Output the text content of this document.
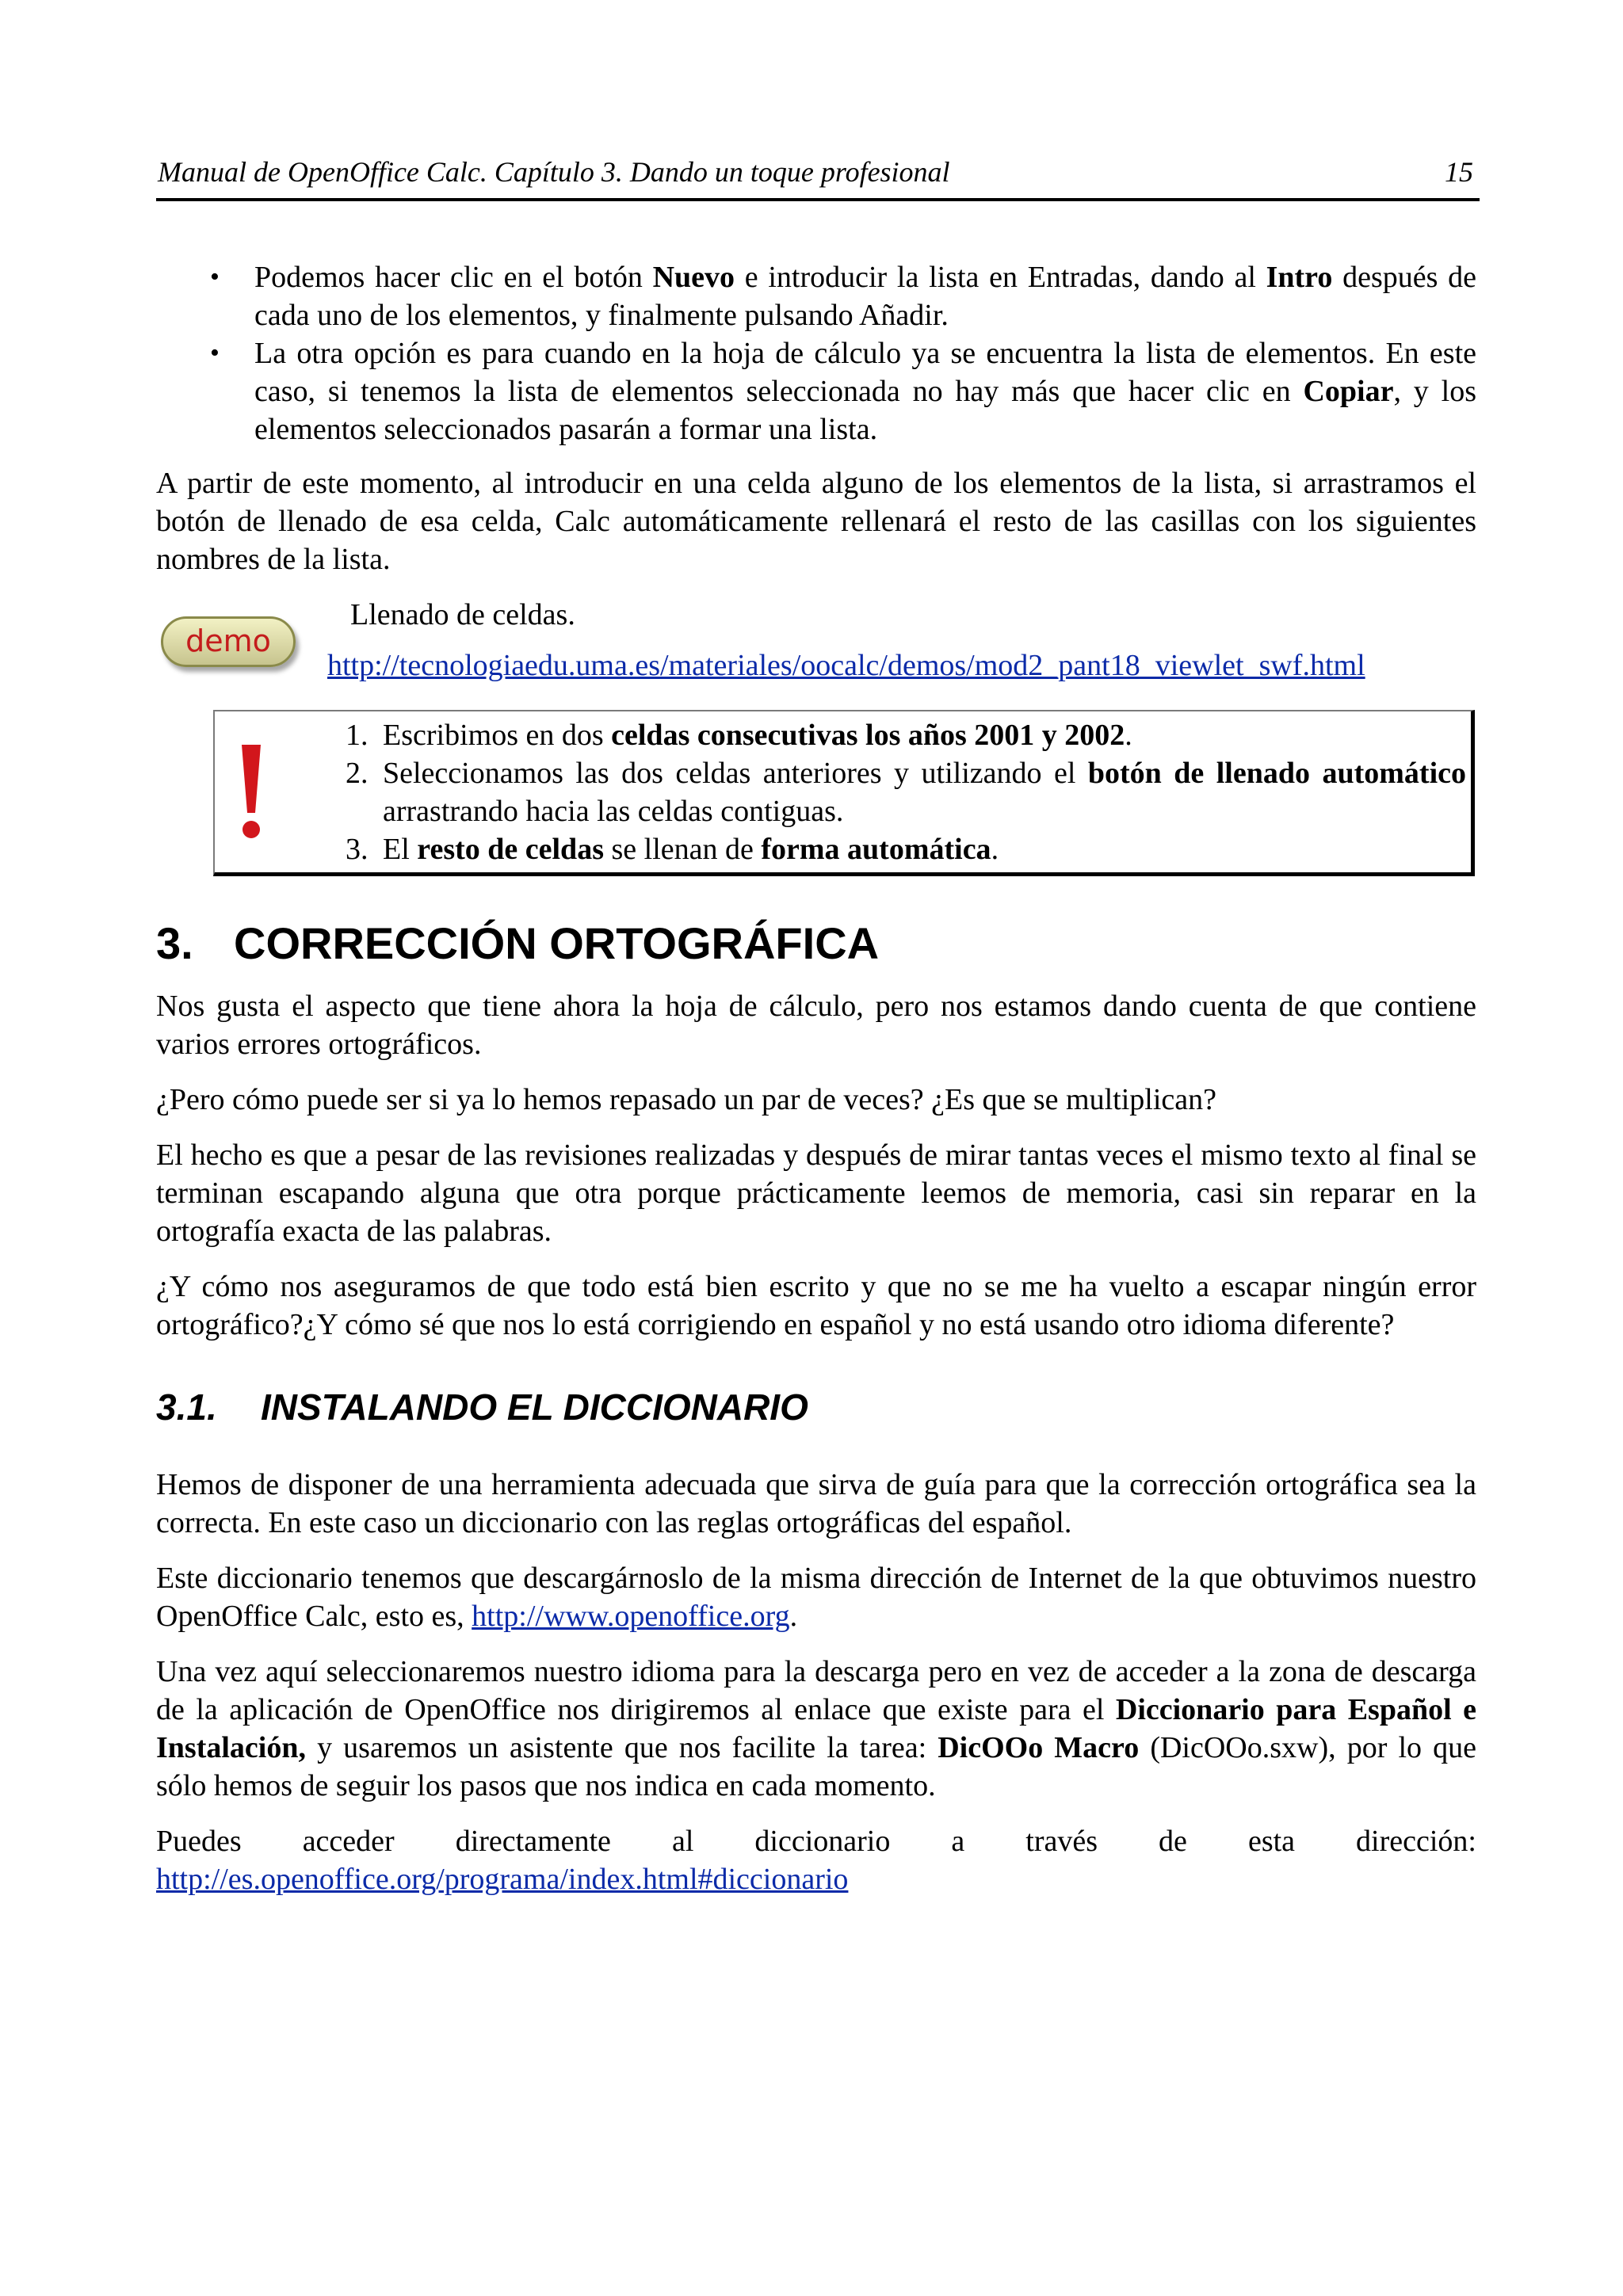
Manual de OpenOffice Calc. Capítulo 3. Dando un toque profesional	15
• Podemos hacer clic en el botón Nuevo e introducir la lista en Entradas, dando al Intro después de cada uno de los elementos, y finalmente pulsando Añadir.
• La otra opción es para cuando en la hoja de cálculo ya se encuentra la lista de elementos. En este caso, si tenemos la lista de elementos seleccionada no hay más que hacer clic en Copiar, y los elementos seleccionados pasarán a formar una lista.

A partir de este momento, al introducir en una celda alguno de los elementos de la lista, si arrastramos el botón de llenado de esa celda, Calc automáticamente rellenará el resto de las casillas con los siguientes nombres de la lista.

demo
Llenado de celdas.
http://tecnologiaedu.uma.es/materiales/oocalc/demos/mod2_pant18_viewlet_swf.html
1. Escribimos en dos celdas consecutivas los años 2001 y 2002.
2. Seleccionamos las dos celdas anteriores y utilizando el botón de llenado automático arrastrando hacia las celdas contiguas.
3. El resto de celdas se llenan de forma automática.
3. CORRECCIÓN ORTOGRÁFICA

Nos gusta el aspecto que tiene ahora la hoja de cálculo, pero nos estamos dando cuenta de que contiene varios errores ortográficos.

¿Pero cómo puede ser si ya lo hemos repasado un par de veces? ¿Es que se multiplican?

El hecho es que a pesar de las revisiones realizadas y después de mirar tantas veces el mismo texto al final se terminan escapando alguna que otra porque prácticamente leemos de memoria, casi sin reparar en la ortografía exacta de las palabras.

¿Y cómo nos aseguramos de que todo está bien escrito y que no se me ha vuelto a escapar ningún error ortográfico?¿Y cómo sé que nos lo está corrigiendo en español y no está usando otro idioma diferente?

3.1. INSTALANDO EL DICCIONARIO

Hemos de disponer de una herramienta adecuada que sirva de guía para que la corrección ortográfica sea la correcta. En este caso un diccionario con las reglas ortográficas del español.

Este diccionario tenemos que descargárnoslo de la misma dirección de Internet de la que obtuvimos nuestro OpenOffice Calc, esto es, http://www.openoffice.org.

Una vez aquí seleccionaremos nuestro idioma para la descarga pero en vez de acceder a la zona de descarga de la aplicación de OpenOffice nos dirigiremos al enlace que existe para el Diccionario para Español e Instalación, y usaremos un asistente que nos facilite la tarea: DicOOo Macro (DicOOo.sxw), por lo que sólo hemos de seguir los pasos que nos indica en cada momento.

Puedes acceder directamente al diccionario a través de esta dirección:

http://es.openoffice.org/programa/index.html#diccionario
